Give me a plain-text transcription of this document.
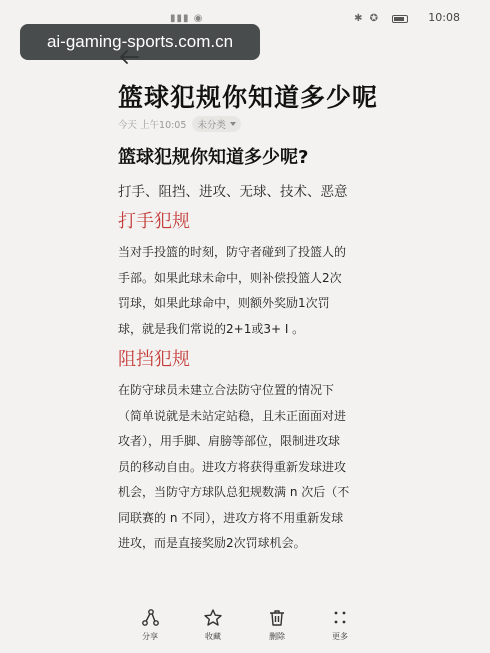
▮▮▮ ◉	✱ ✪	10:08
ai-gaming-sports.com.cn
篮球犯规你知道多少呢
今天 上午10:05 未分类
篮球犯规你知道多少呢?
打手、阻挡、进攻、无球、技术、恶意
打手犯规
当对手投篮的时刻，防守者碰到了投篮人的
手部。如果此球未命中，则补偿投篮人2次
罚球，如果此球命中，则额外奖励1次罚
球，就是我们常说的2+1或3+ I 。
阻挡犯规
在防守球员未建立合法防守位置的情况下
（简单说就是未站定站稳，且未正面面对进
攻者），用手脚、肩膀等部位，限制进攻球
员的移动自由。进攻方将获得重新发球进攻
机会，当防守方球队总犯规数满 n 次后（不
同联赛的 n 不同），进攻方将不用重新发球
进攻，而是直接奖励2次罚球机会。
分享	收藏	删除	更多
